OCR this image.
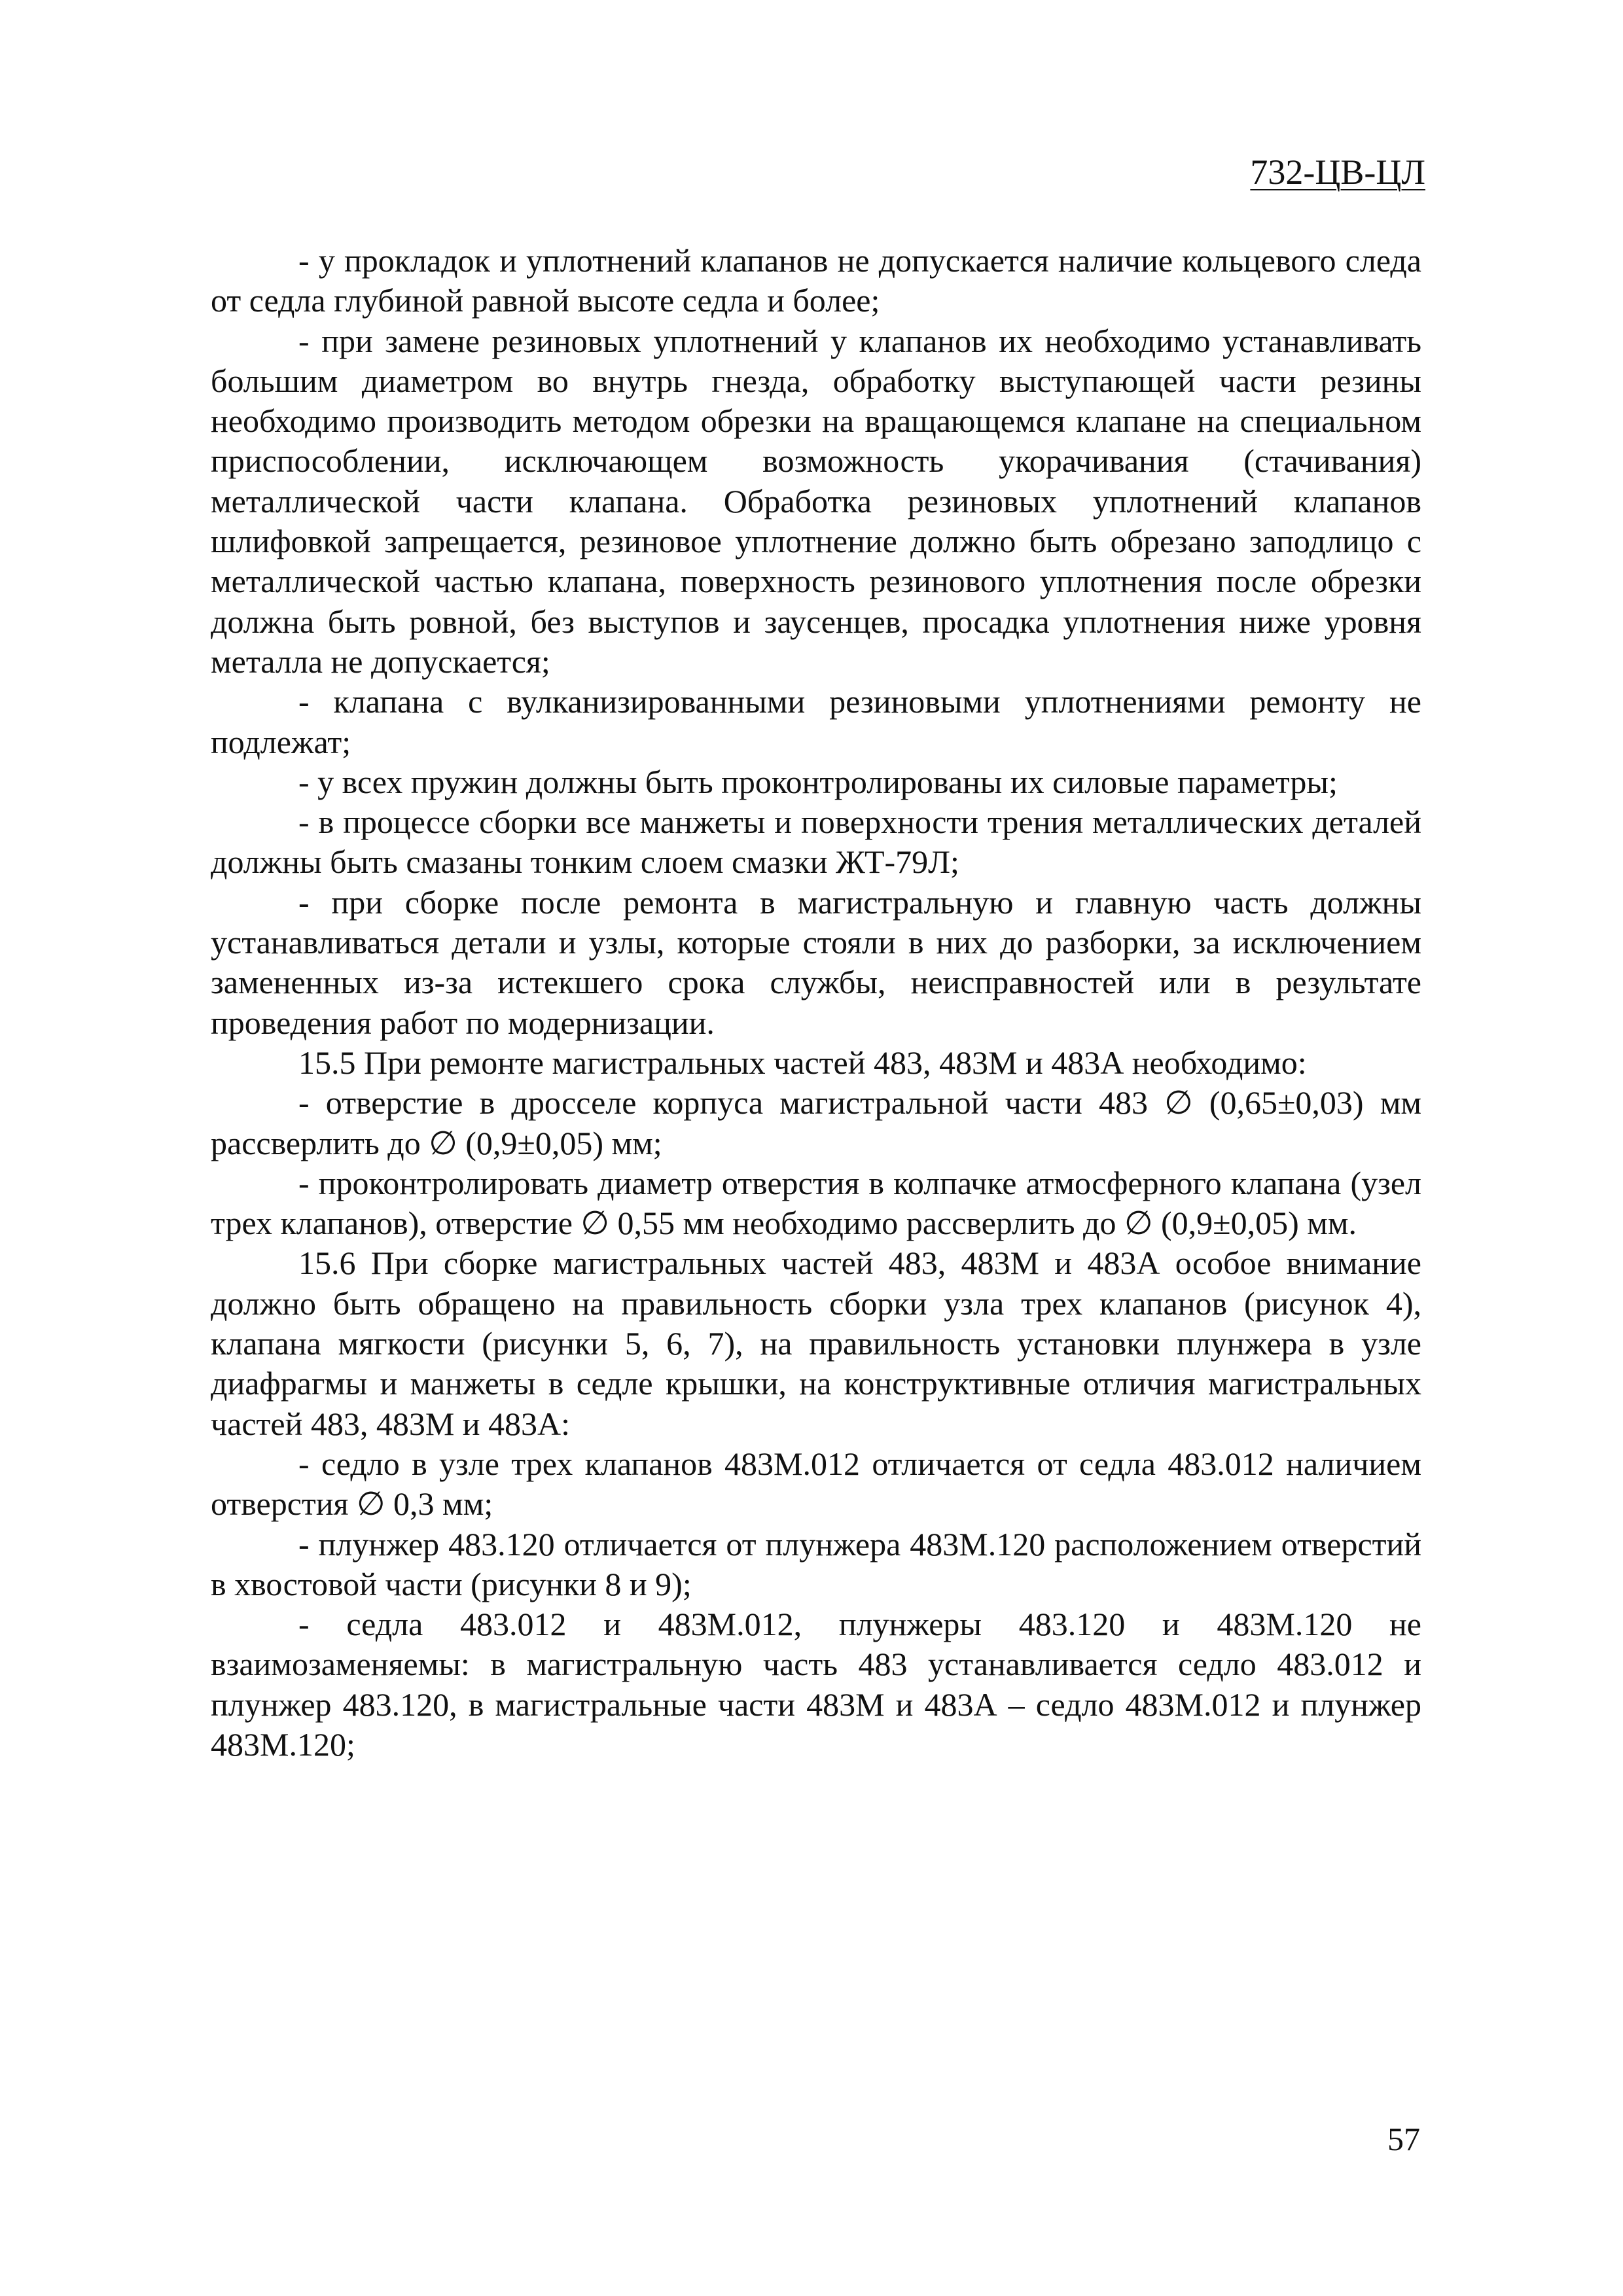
732-ЦВ-ЦЛ

- у прокладок и уплотнений клапанов не допускается наличие кольцевого следа от седла глубиной равной высоте седла и более;

- при замене резиновых уплотнений у клапанов их необходимо устанавливать большим диаметром во внутрь гнезда, обработку выступающей части резины необходимо производить методом обрезки на вращающемся клапане на специальном приспособлении, исключающем возможность укорачивания (стачивания) металлической части клапана. Обработка резиновых уплотнений клапанов шлифовкой запрещается, резиновое уплотнение должно быть обрезано заподлицо с металлической частью клапана, поверхность резинового уплотнения после обрезки должна быть ровной, без выступов и заусенцев, просадка уплотнения ниже уровня металла не допускается;

- клапана с вулканизированными резиновыми уплотнениями ремонту не подлежат;

- у всех пружин должны быть проконтролированы их силовые параметры;

- в процессе сборки все манжеты и поверхности трения металлических деталей должны быть смазаны тонким слоем смазки ЖТ-79Л;

- при сборке после ремонта в магистральную и главную часть должны устанавливаться детали и узлы, которые стояли в них до разборки, за исключением замененных из-за истекшего срока службы, неисправностей или в результате проведения работ по модернизации.

15.5 При ремонте магистральных частей 483, 483М и 483А необходимо:

- отверстие в дросселе корпуса магистральной части 483 ∅ (0,65±0,03) мм рассверлить до ∅ (0,9±0,05) мм;

- проконтролировать диаметр отверстия в колпачке атмосферного клапана (узел трех клапанов), отверстие ∅ 0,55 мм необходимо рассверлить до ∅ (0,9±0,05) мм.

15.6 При сборке магистральных частей 483, 483М и 483А особое внимание должно быть обращено на правильность сборки узла трех клапанов (рисунок 4), клапана мягкости (рисунки 5, 6, 7), на правильность установки плунжера в узле диафрагмы и манжеты в седле крышки, на конструктивные отличия магистральных частей 483, 483М и 483А:

- седло в узле трех клапанов 483М.012 отличается от седла 483.012 наличием отверстия ∅ 0,3 мм;

- плунжер 483.120 отличается от плунжера 483М.120 расположением отверстий в хвостовой части (рисунки 8 и 9);

- седла 483.012 и 483М.012, плунжеры 483.120 и 483М.120 не взаимозаменяемы: в магистральную часть 483 устанавливается седло 483.012 и плунжер 483.120, в магистральные части 483М и 483А – седло 483М.012 и плунжер 483М.120;

57
